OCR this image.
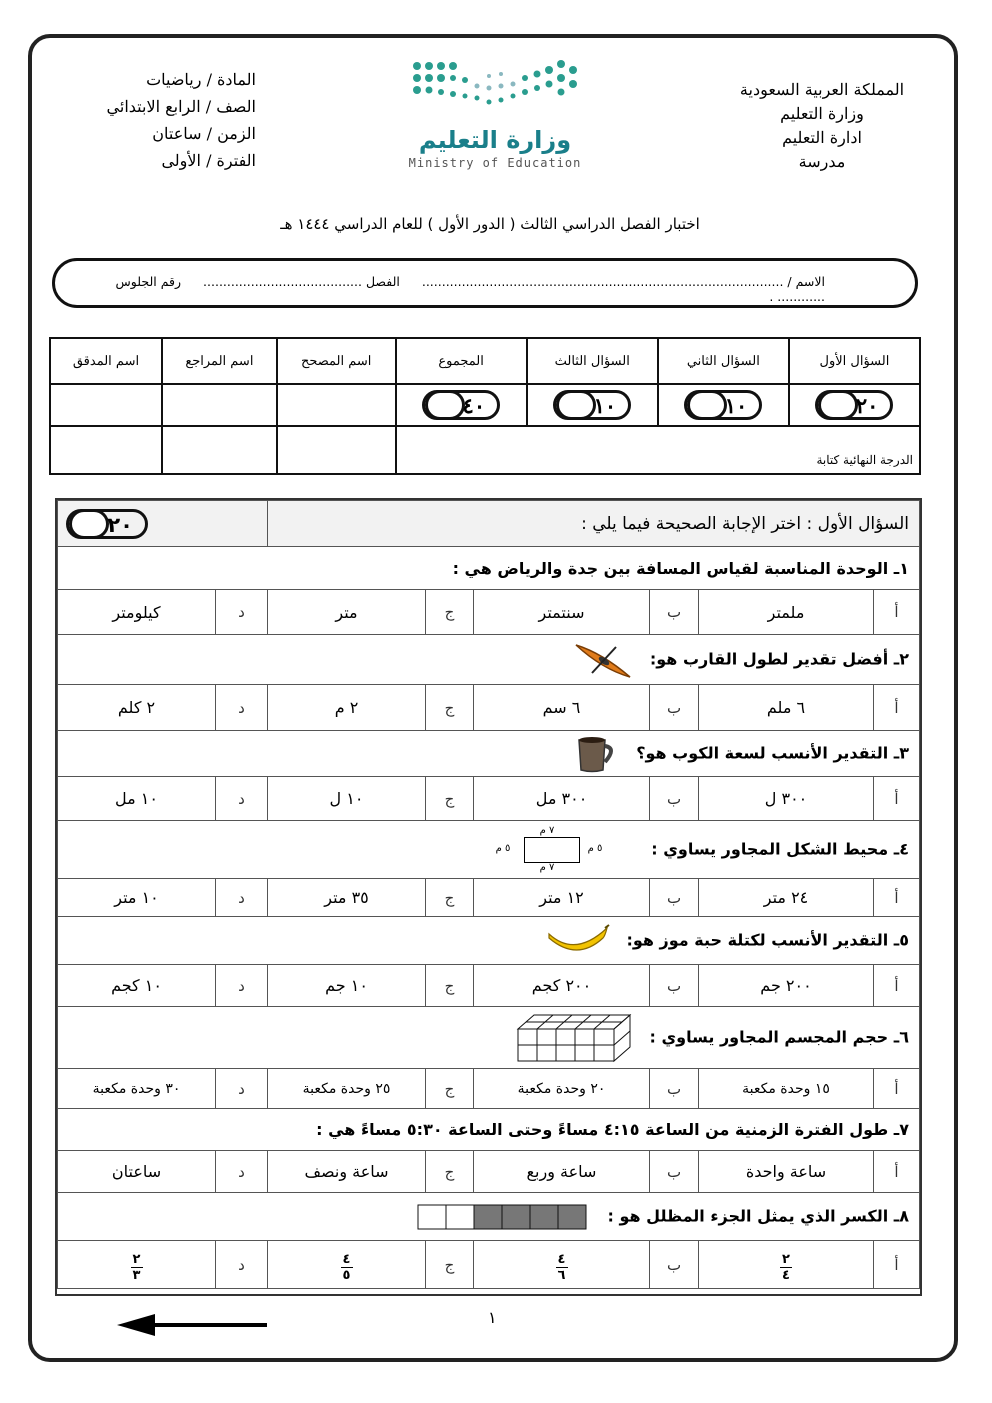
المملكة العربية السعودية
وزارة التعليم
ادارة التعليم
مدرسة
المادة / رياضيات
الصف / الرابع الابتدائي
الزمن / ساعتان
الفترة / الأولى
وزارة التعليم
Ministry of Education
اختبار الفصل الدراسي الثالث ( الدور الأول ) للعام الدراسي ١٤٤٤ هـ
الاسم / ........................................................................................... الفصل ........................................ رقم الجلوس ............ .
السؤال الأول	السؤال الثاني	السؤال الثالث	المجموع	اسم المصحح	اسم المراجع	اسم المدقق

٢٠	١٠	١٠	٤٠			

الدرجة النهائية كتابة						
السؤال الأول : اختر الإجابة الصحيحة فيما يلي :						٢٠	

١ـ الوحدة المناسبة لقياس المسافة بين جدة والرياض هي :							
أ	ملمتر	ب	سنتمتر	ج	متر	د	كيلومتر
٢ـ أفضل تقدير لطول القارب هو:							
أ	٦ ملم	ب	٦ سم	ج	٢ م	د	٢ كلم
٣ـ التقدير الأنسب لسعة الكوب هو؟							
أ	٣٠٠ ل	ب	٣٠٠ مل	ج	١٠ ل	د	١٠ مل
٤ـ محيط الشكل المجاور يساوي :
٧ م
٧ م
٥ م ٥ م							

أ	٢٤ متر	ب	١٢ متر	ج	٣٥ متر	د	١٠ متر
٥ـ التقدير الأنسب لكتلة حبة موز هو:							
أ	٢٠٠ جم	ب	٢٠٠ كجم	ج	١٠ جم	د	١٠ كجم
٦ـ حجم المجسم المجاور يساوي :							
أ	١٥ وحدة مكعبة	ب	٢٠ وحدة مكعبة	ج	٢٥ وحدة مكعبة	د	٣٠ وحدة مكعبة
٧ـ طول الفترة الزمنية من الساعة ٤:١٥ مساءً وحتى الساعة ٥:٣٠ مساءً هي :							
أ	ساعة واحدة	ب	ساعة وربع	ج	ساعة ونصف	د	ساعتان
٨ـ الكسر الذي يمثل الجزء المظلل هو :							
أ	$\frac{٢}{٤}$	ب	$\frac{٤}{٦}$	ج	$\frac{٤}{٥}$	د	$\frac{٢}{٣}$
١
